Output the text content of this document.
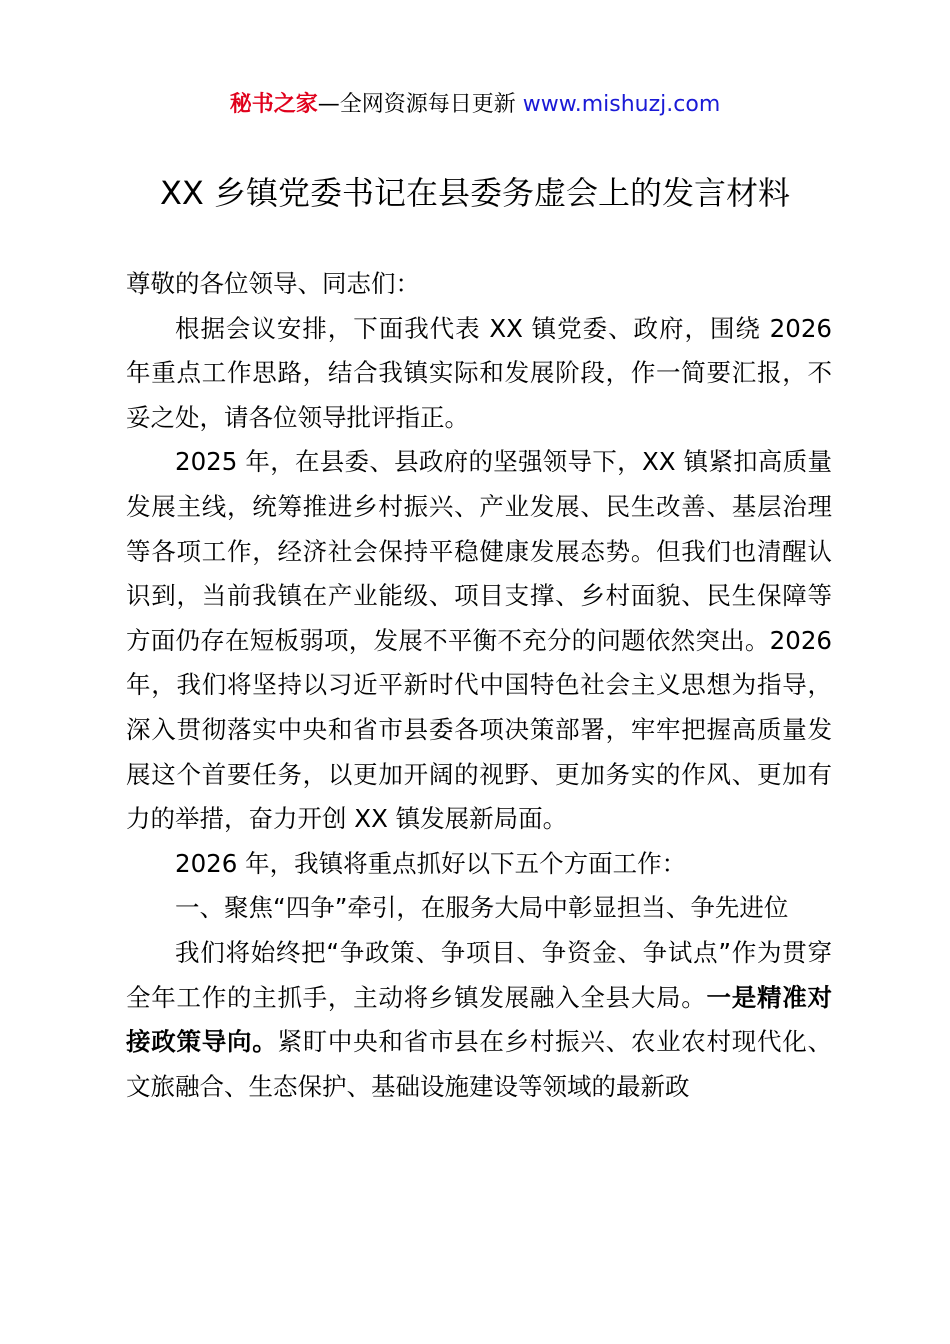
秘书之家—全网资源每日更新 www.mishuzj.com
XX 乡镇党委书记在县委务虚会上的发言材料

尊敬的各位领导、同志们：

根据会议安排，下面我代表 XX 镇党委、政府，围绕 2026 年重点工作思路，结合我镇实际和发展阶段，作一简要汇报，不妥之处，请各位领导批评指正。

2025 年，在县委、县政府的坚强领导下，XX 镇紧扣高质量发展主线，统筹推进乡村振兴、产业发展、民生改善、基层治理等各项工作，经济社会保持平稳健康发展态势。但我们也清醒认识到，当前我镇在产业能级、项目支撑、乡村面貌、民生保障等方面仍存在短板弱项，发展不平衡不充分的问题依然突出。2026 年，我们将坚持以习近平新时代中国特色社会主义思想为指导，深入贯彻落实中央和省市县委各项决策部署，牢牢把握高质量发展这个首要任务，以更加开阔的视野、更加务实的作风、更加有力的举措，奋力开创 XX 镇发展新局面。

2026 年，我镇将重点抓好以下五个方面工作：

一、聚焦“四争”牵引，在服务大局中彰显担当、争先进位

我们将始终把“争政策、争项目、争资金、争试点”作为贯穿全年工作的主抓手，主动将乡镇发展融入全县大局。一是精准对接政策导向。紧盯中央和省市县在乡村振兴、农业农村现代化、文旅融合、生态保护、基础设施建设等领域的最新政
